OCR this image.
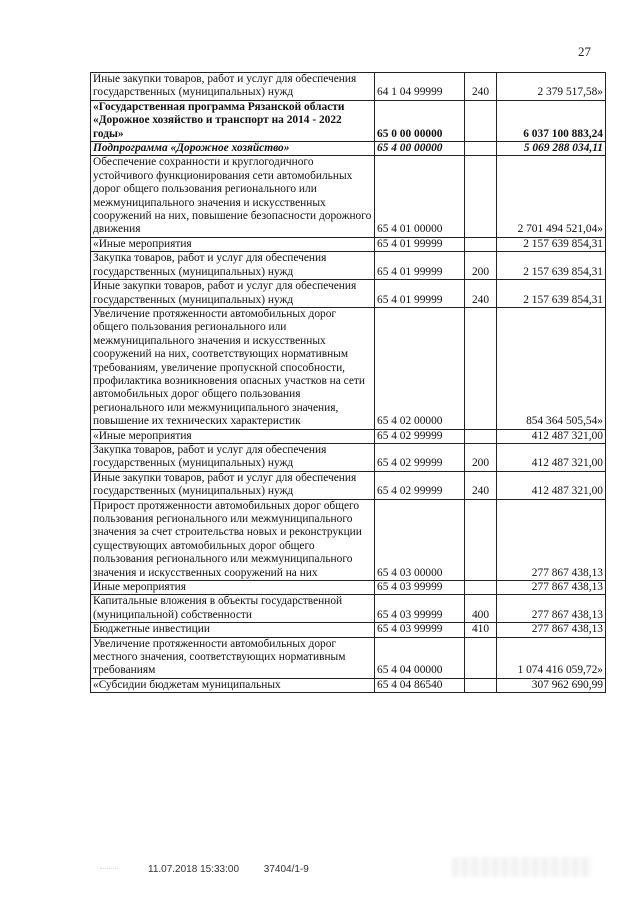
27
Иные закупки товаров, работ и услуг для обеспечения государственных (муниципальных) нужд	64 1 04 99999	240	2 379 517,58»
«Государственная программа Рязанской области «Дорожное хозяйство и транспорт на 2014 - 2022 годы»	65 0 00 00000		6 037 100 883,24
Подпрограмма «Дорожное хозяйство»	65 4 00 00000		5 069 288 034,11
Обеспечение сохранности и круглогодичного устойчивого функционирования сети автомобильных дорог общего пользования регионального или межмуниципального значения и искусственных сооружений на них, повышение безопасности дорожного движения	65 4 01 00000		2 701 494 521,04»
«Иные мероприятия	65 4 01 99999		2 157 639 854,31
Закупка товаров, работ и услуг для обеспечения государственных (муниципальных) нужд	65 4 01 99999	200	2 157 639 854,31
Иные закупки товаров, работ и услуг для обеспечения государственных (муниципальных) нужд	65 4 01 99999	240	2 157 639 854,31
Увеличение протяженности автомобильных дорог общего пользования регионального или межмуниципального значения и искусственных сооружений на них, соответствующих нормативным требованиям, увеличение пропускной способности, профилактика возникновения опасных участков на сети автомобильных дорог общего пользования регионального или межмуниципального значения, повышение их технических характеристик	65 4 02 00000		854 364 505,54»
«Иные мероприятия	65 4 02 99999		412 487 321,00
Закупка товаров, работ и услуг для обеспечения государственных (муниципальных) нужд	65 4 02 99999	200	412 487 321,00
Иные закупки товаров, работ и услуг для обеспечения государственных (муниципальных) нужд	65 4 02 99999	240	412 487 321,00
Прирост протяженности автомобильных дорог общего пользования регионального или межмуниципального значения за счет строительства новых и реконструкции существующих автомобильных дорог общего пользования регионального или межмуниципального значения и искусственных сооружений на них	65 4 03 00000		277 867 438,13
Иные мероприятия	65 4 03 99999		277 867 438,13
Капитальные вложения в объекты государственной (муниципальной) собственности	65 4 03 99999	400	277 867 438,13
Бюджетные инвестиции	65 4 03 99999	410	277 867 438,13
Увеличение протяженности автомобильных дорог местного значения, соответствующих нормативным требованиям	65 4 04 00000		1 074 416 059,72»
«Субсидии бюджетам муниципальных	65 4 04 86540		307 962 690,99
11.07.2018 15:33:00 37404/1-9
